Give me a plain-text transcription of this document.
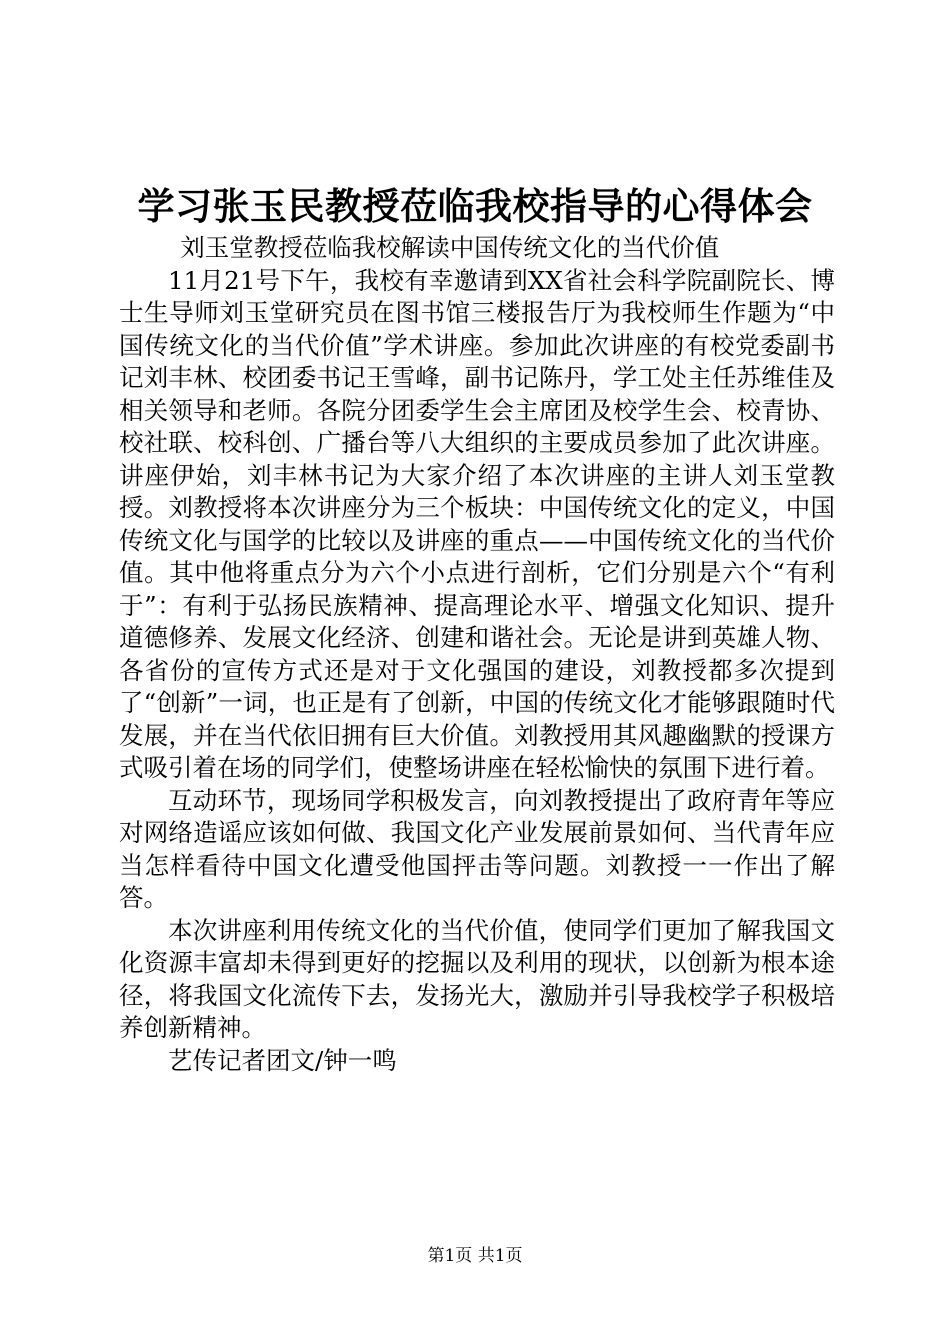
学习张玉民教授莅临我校指导的心得体会

刘玉堂教授莅临我校解读中国传统文化的当代价值

11月21号下午，我校有幸邀请到XX省社会科学院副院长、博士生导师刘玉堂研究员在图书馆三楼报告厅为我校师生作题为“中国传统文化的当代价值”学术讲座。参加此次讲座的有校党委副书记刘丰林、校团委书记王雪峰，副书记陈丹，学工处主任苏维佳及相关领导和老师。各院分团委学生会主席团及校学生会、校青协、校社联、校科创、广播台等八大组织的主要成员参加了此次讲座。讲座伊始，刘丰林书记为大家介绍了本次讲座的主讲人刘玉堂教授。刘教授将本次讲座分为三个板块：中国传统文化的定义，中国传统文化与国学的比较以及讲座的重点——中国传统文化的当代价值。其中他将重点分为六个小点进行剖析，它们分别是六个“有利于”：有利于弘扬民族精神、提高理论水平、增强文化知识、提升道德修养、发展文化经济、创建和谐社会。无论是讲到英雄人物、各省份的宣传方式还是对于文化强国的建设，刘教授都多次提到了“创新”一词，也正是有了创新，中国的传统文化才能够跟随时代发展，并在当代依旧拥有巨大价值。刘教授用其风趣幽默的授课方式吸引着在场的同学们，使整场讲座在轻松愉快的氛围下进行着。

互动环节，现场同学积极发言，向刘教授提出了政府青年等应对网络造谣应该如何做、我国文化产业发展前景如何、当代青年应当怎样看待中国文化遭受他国抨击等问题。刘教授一一作出了解答。

本次讲座利用传统文化的当代价值，使同学们更加了解我国文化资源丰富却未得到更好的挖掘以及利用的现状，以创新为根本途径，将我国文化流传下去，发扬光大，激励并引导我校学子积极培养创新精神。

艺传记者团文/钟一鸣

第1页 共1页
